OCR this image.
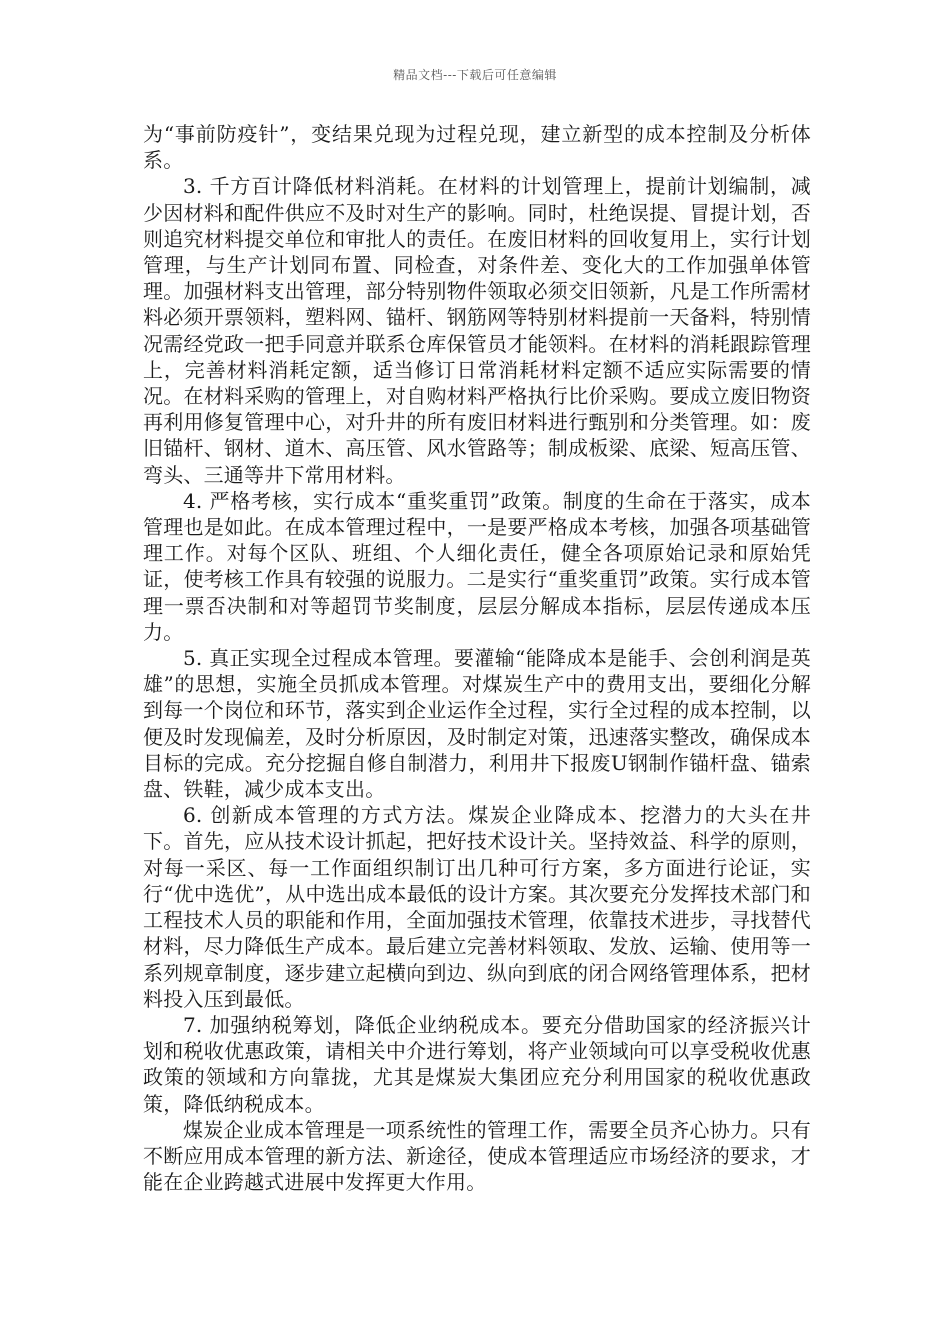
精品文档---下载后可任意编辑

为“事前防疫针”，变结果兑现为过程兑现，建立新型的成本控制及分析体系。

3. 千方百计降低材料消耗。在材料的计划管理上，提前计划编制，减少因材料和配件供应不及时对生产的影响。同时，杜绝误提、冒提计划，否则追究材料提交单位和审批人的责任。在废旧材料的回收复用上，实行计划管理，与生产计划同布置、同检查，对条件差、变化大的工作加强单体管理。加强材料支出管理，部分特别物件领取必须交旧领新，凡是工作所需材料必须开票领料，塑料网、锚杆、钢筋网等特别材料提前一天备料，特别情况需经党政一把手同意并联系仓库保管员才能领料。在材料的消耗跟踪管理上，完善材料消耗定额，适当修订日常消耗材料定额不适应实际需要的情况。在材料采购的管理上，对自购材料严格执行比价采购。要成立废旧物资再利用修复管理中心，对升井的所有废旧材料进行甄别和分类管理。如：废旧锚杆、钢材、道木、高压管、风水管路等；制成板梁、底梁、短高压管、弯头、三通等井下常用材料。

4. 严格考核，实行成本“重奖重罚”政策。制度的生命在于落实，成本管理也是如此。在成本管理过程中，一是要严格成本考核，加强各项基础管理工作。对每个区队、班组、个人细化责任，健全各项原始记录和原始凭证，使考核工作具有较强的说服力。二是实行“重奖重罚”政策。实行成本管理一票否决制和对等超罚节奖制度，层层分解成本指标，层层传递成本压力。

5. 真正实现全过程成本管理。要灌输“能降成本是能手、会创利润是英雄”的思想，实施全员抓成本管理。对煤炭生产中的费用支出，要细化分解到每一个岗位和环节，落实到企业运作全过程，实行全过程的成本控制，以便及时发现偏差，及时分析原因，及时制定对策，迅速落实整改，确保成本目标的完成。充分挖掘自修自制潜力，利用井下报废U钢制作锚杆盘、锚索盘、铁鞋，减少成本支出。

6. 创新成本管理的方式方法。煤炭企业降成本、挖潜力的大头在井下。首先，应从技术设计抓起，把好技术设计关。坚持效益、科学的原则，对每一采区、每一工作面组织制订出几种可行方案，多方面进行论证，实行“优中选优”，从中选出成本最低的设计方案。其次要充分发挥技术部门和工程技术人员的职能和作用，全面加强技术管理，依靠技术进步，寻找替代材料，尽力降低生产成本。最后建立完善材料领取、发放、运输、使用等一系列规章制度，逐步建立起横向到边、纵向到底的闭合网络管理体系，把材料投入压到最低。

7. 加强纳税筹划，降低企业纳税成本。要充分借助国家的经济振兴计划和税收优惠政策，请相关中介进行筹划，将产业领域向可以享受税收优惠政策的领域和方向靠拢，尤其是煤炭大集团应充分利用国家的税收优惠政策，降低纳税成本。

煤炭企业成本管理是一项系统性的管理工作，需要全员齐心协力。只有不断应用成本管理的新方法、新途径，使成本管理适应市场经济的要求，才能在企业跨越式进展中发挥更大作用。
